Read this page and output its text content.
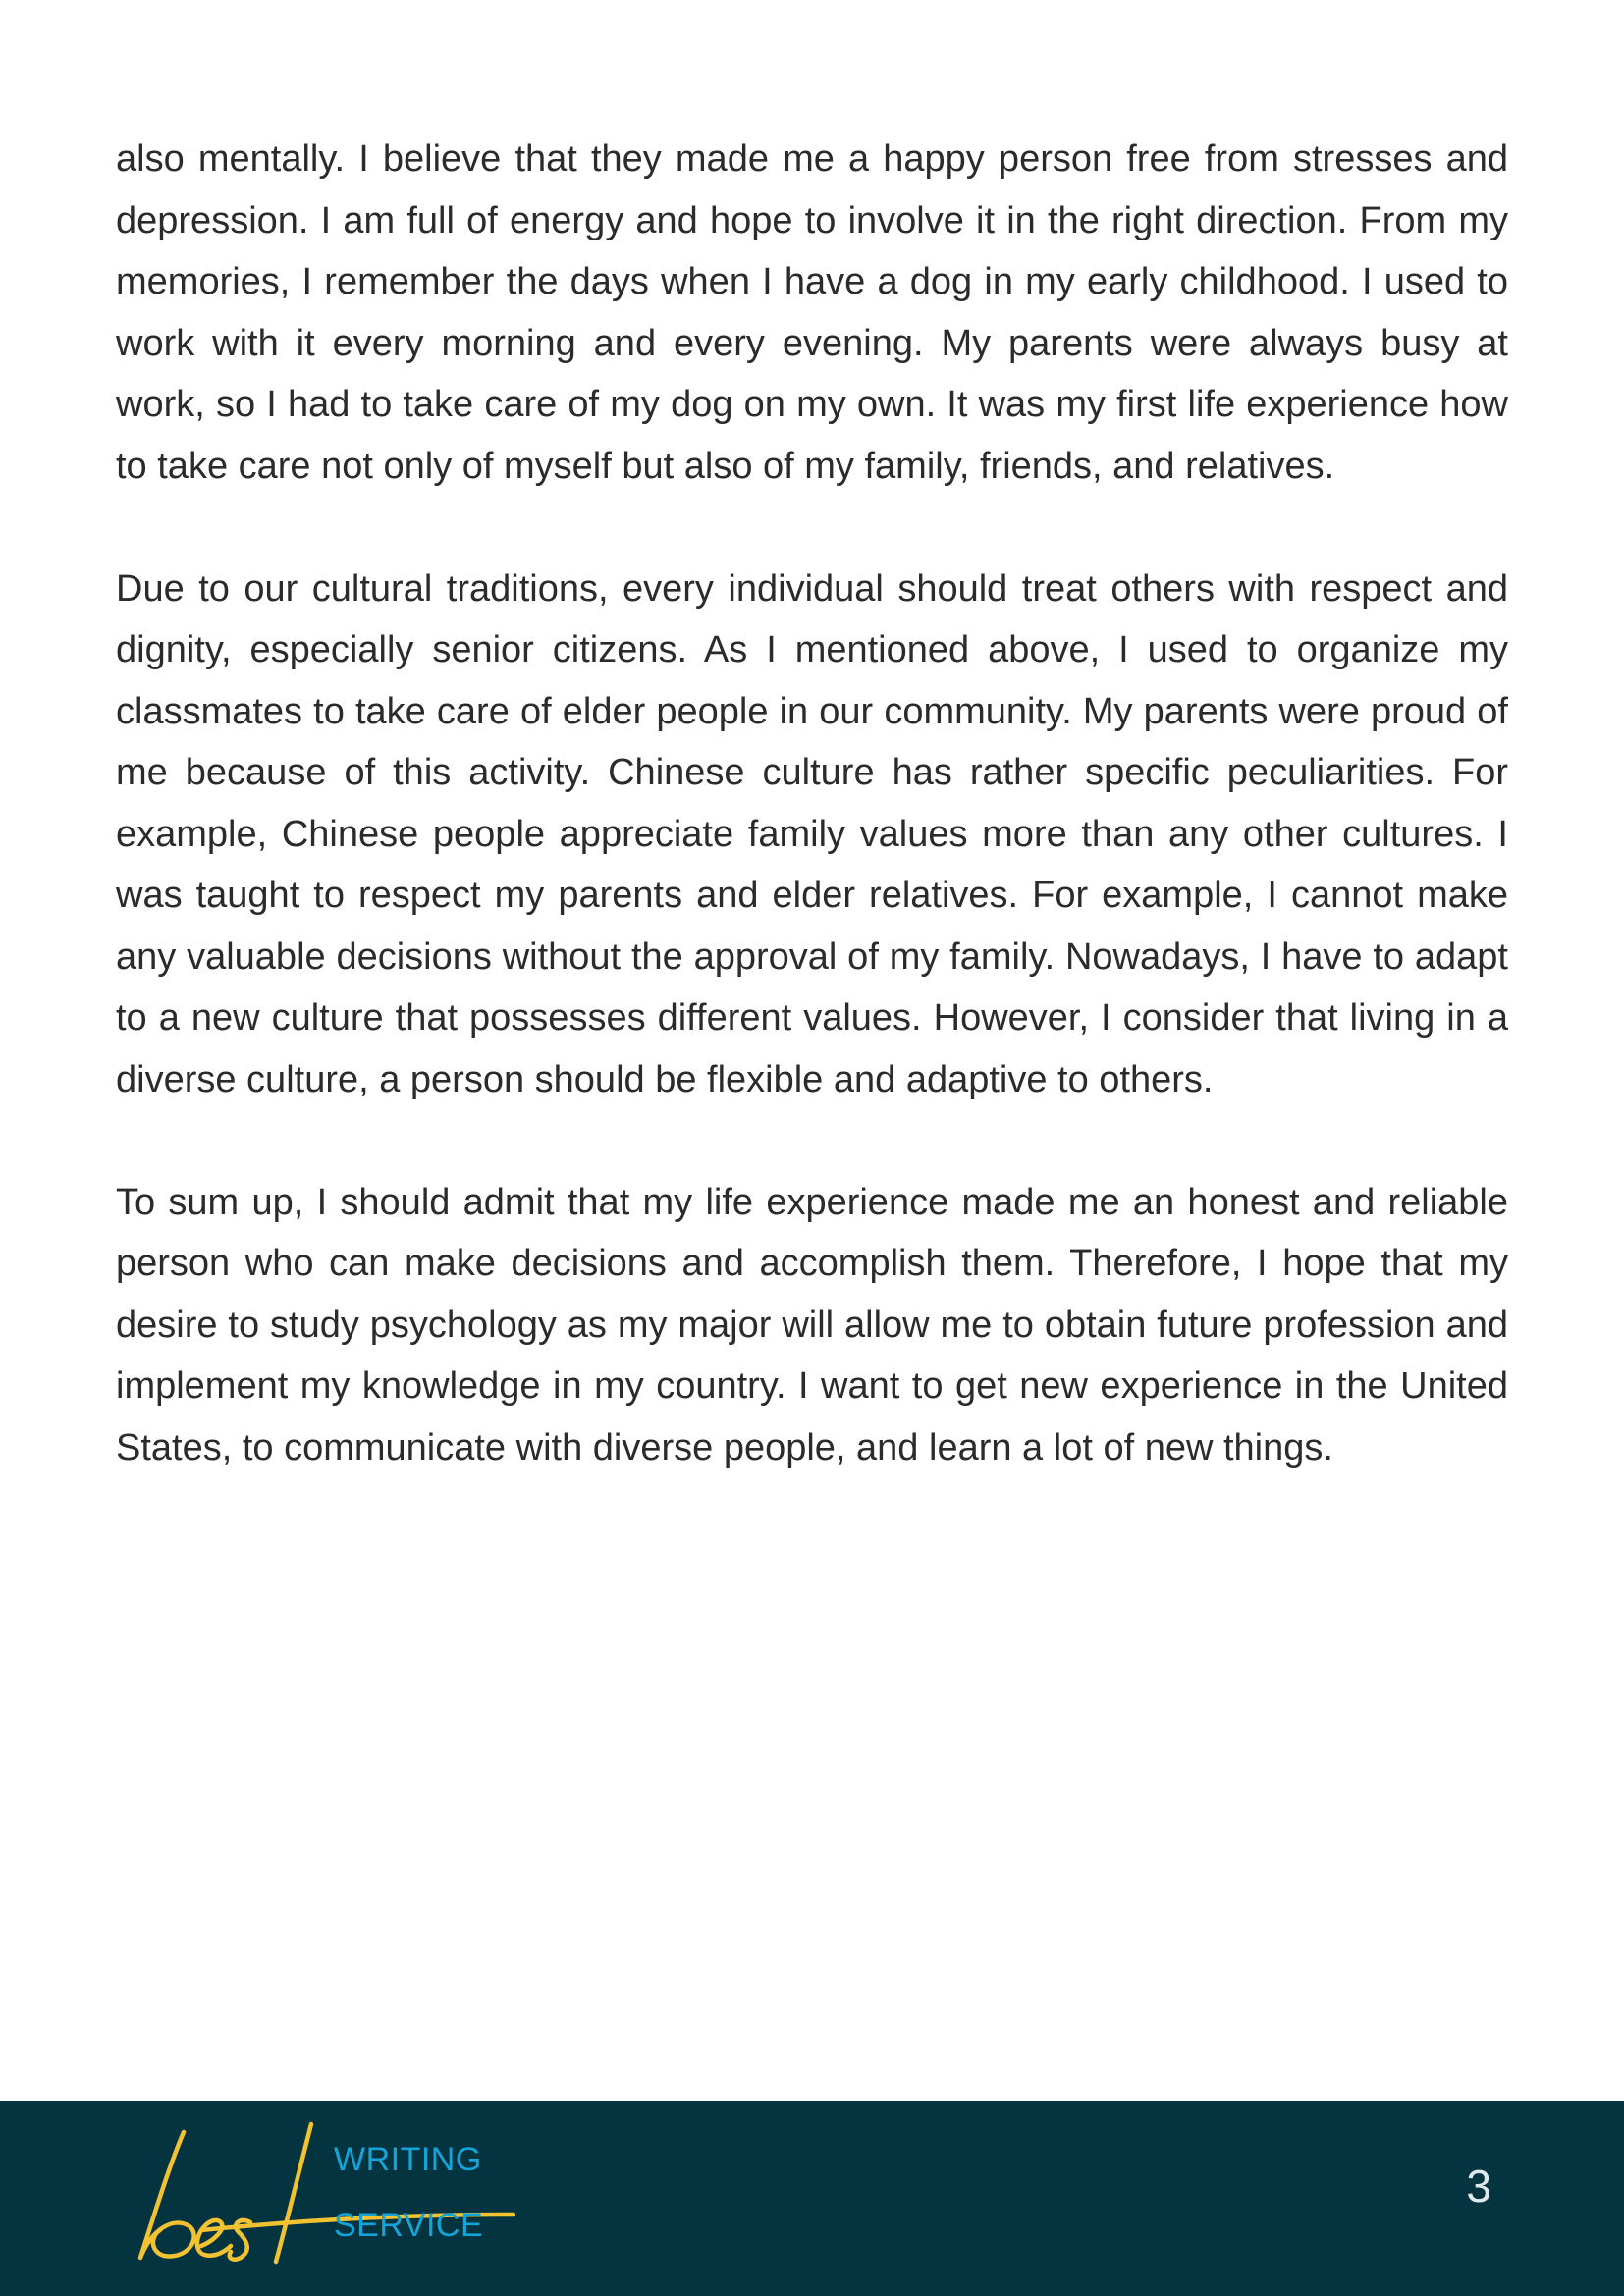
also mentally. I believe that they made me a happy person free from stresses and depression. I am full of energy and hope to involve it in the right direction. From my memories, I remember the days when I have a dog in my early childhood. I used to work with it every morning and every evening. My parents were always busy at work, so I had to take care of my dog on my own. It was my first life experience how to take care not only of myself but also of my family, friends, and relatives.

Due to our cultural traditions, every individual should treat others with respect and dignity, especially senior citizens. As I mentioned above, I used to organize my classmates to take care of elder people in our community. My parents were proud of me because of this activity. Chinese culture has rather specific peculiarities. For example, Chinese people appreciate family values more than any other cultures. I was taught to respect my parents and elder relatives. For example, I cannot make any valuable decisions without the approval of my family. Nowadays, I have to adapt to a new culture that possesses different values. However, I consider that living in a diverse culture, a person should be flexible and adaptive to others.

To sum up, I should admit that my life experience made me an honest and reliable person who can make decisions and accomplish them. Therefore, I hope that my desire to study psychology as my major will allow me to obtain future profession and implement my knowledge in my country. I want to get new experience in the United States, to communicate with diverse people, and learn a lot of new things.

WRITING
SERVICE
3
